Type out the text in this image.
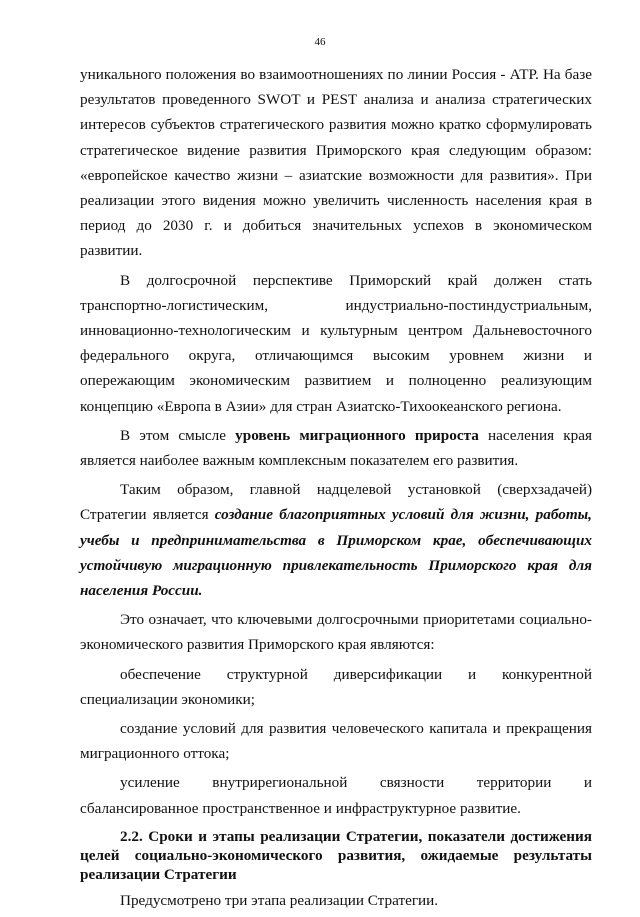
46

уникального положения во взаимоотношениях по линии Россия - АТР. На базе результатов проведенного SWOT и PEST анализа и анализа стратегических интересов субъектов стратегического развития можно кратко сформулировать стратегическое видение развития Приморского края следующим образом: «европейское качество жизни – азиатские возможности для развития». При реализации этого видения можно увеличить численность населения края в период до 2030 г. и добиться значительных успехов в экономическом развитии.

В долгосрочной перспективе Приморский край должен стать транспортно-логистическим, индустриально-постиндустриальным, инновационно-технологическим и культурным центром Дальневосточного федерального округа, отличающимся высоким уровнем жизни и опережающим экономическим развитием и полноценно реализующим концепцию «Европа в Азии» для стран Азиатско-Тихоокеанского региона.

В этом смысле уровень миграционного прироста населения края является наиболее важным комплексным показателем его развития.

Таким образом, главной надцелевой установкой (сверхзадачей) Стратегии является создание благоприятных условий для жизни, работы, учебы и предпринимательства в Приморском крае, обеспечивающих устойчивую миграционную привлекательность Приморского края для населения России.

Это означает, что ключевыми долгосрочными приоритетами социально-экономического развития Приморского края являются:

обеспечение структурной диверсификации и конкурентной специализации экономики;

создание условий для развития человеческого капитала и прекращения миграционного оттока;

усиление внутрирегиональной связности территории и сбалансированное пространственное и инфраструктурное развитие.

2.2. Сроки и этапы реализации Стратегии, показатели достижения целей социально-экономического развития, ожидаемые результаты реализации Стратегии

Предусмотрено три этапа реализации Стратегии.
